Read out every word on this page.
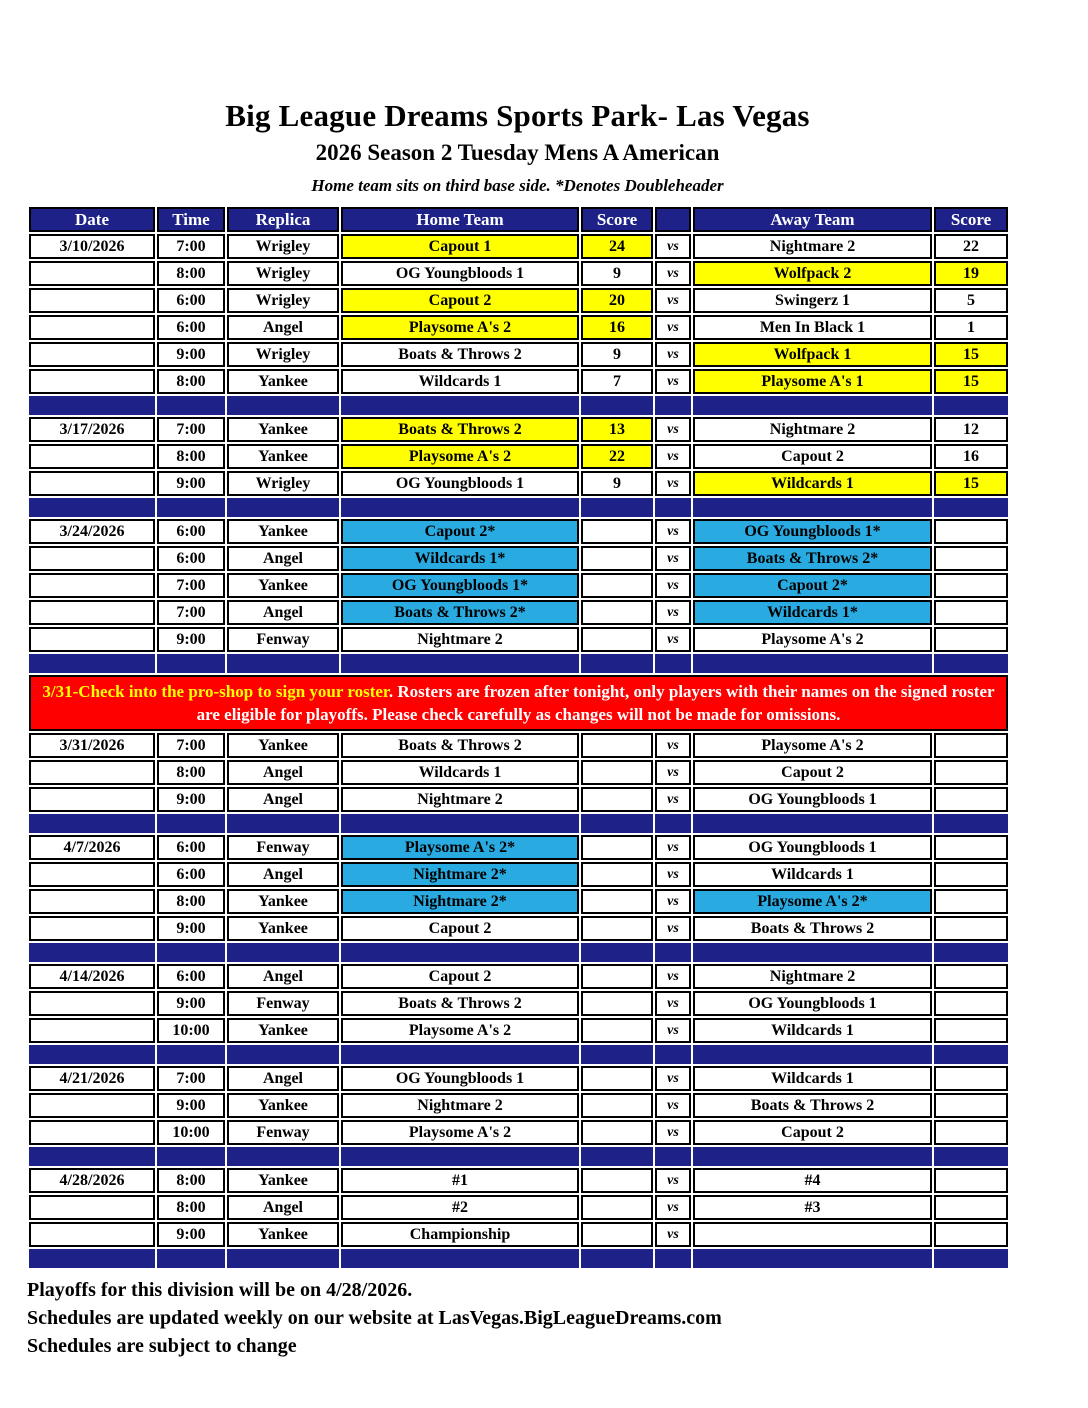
Big League Dreams Sports Park- Las Vegas
2026 Season 2 Tuesday Mens A American
Home team sits on third base side. *Denotes Doubleheader
Date	Time	Replica	Home Team	Score		Away Team	Score
3/10/2026	7:00	Wrigley	Capout 1	24	vs	Nightmare 2	22
	8:00	Wrigley	OG Youngbloods 1	9	vs	Wolfpack 2	19
	6:00	Wrigley	Capout 2	20	vs	Swingerz 1	5
	6:00	Angel	Playsome A's 2	16	vs	Men In Black 1	1
	9:00	Wrigley	Boats & Throws 2	9	vs	Wolfpack 1	15
	8:00	Yankee	Wildcards 1	7	vs	Playsome A's 1	15

3/17/2026	7:00	Yankee	Boats & Throws 2	13	vs	Nightmare 2	12
	8:00	Yankee	Playsome A's 2	22	vs	Capout 2	16
	9:00	Wrigley	OG Youngbloods 1	9	vs	Wildcards 1	15

3/24/2026	6:00	Yankee	Capout 2*		vs	OG Youngbloods 1*	
	6:00	Angel	Wildcards 1*		vs	Boats & Throws 2*	
	7:00	Yankee	OG Youngbloods 1*		vs	Capout 2*	
	7:00	Angel	Boats & Throws 2*		vs	Wildcards 1*	
	9:00	Fenway	Nightmare 2		vs	Playsome A's 2	

3/31-Check into the pro-shop to sign your roster. Rosters are frozen after tonight, only players with their names on the signed roster are eligible for playoffs. Please check carefully as changes will not be made for omissions.							
3/31/2026	7:00	Yankee	Boats & Throws 2		vs	Playsome A's 2	
	8:00	Angel	Wildcards 1		vs	Capout 2	
	9:00	Angel	Nightmare 2		vs	OG Youngbloods 1	

4/7/2026	6:00	Fenway	Playsome A's 2*		vs	OG Youngbloods 1	
	6:00	Angel	Nightmare 2*		vs	Wildcards 1	
	8:00	Yankee	Nightmare 2*		vs	Playsome A's 2*	
	9:00	Yankee	Capout 2		vs	Boats & Throws 2	

4/14/2026	6:00	Angel	Capout 2		vs	Nightmare 2	
	9:00	Fenway	Boats & Throws 2		vs	OG Youngbloods 1	
	10:00	Yankee	Playsome A's 2		vs	Wildcards 1	

4/21/2026	7:00	Angel	OG Youngbloods 1		vs	Wildcards 1	
	9:00	Yankee	Nightmare 2		vs	Boats & Throws 2	
	10:00	Fenway	Playsome A's 2		vs	Capout 2	

4/28/2026	8:00	Yankee	#1		vs	#4	
	8:00	Angel	#2		vs	#3	
	9:00	Yankee	Championship		vs		

Playoffs for this division will be on 4/28/2026.
Schedules are updated weekly on our website at LasVegas.BigLeagueDreams.com
Schedules are subject to change
